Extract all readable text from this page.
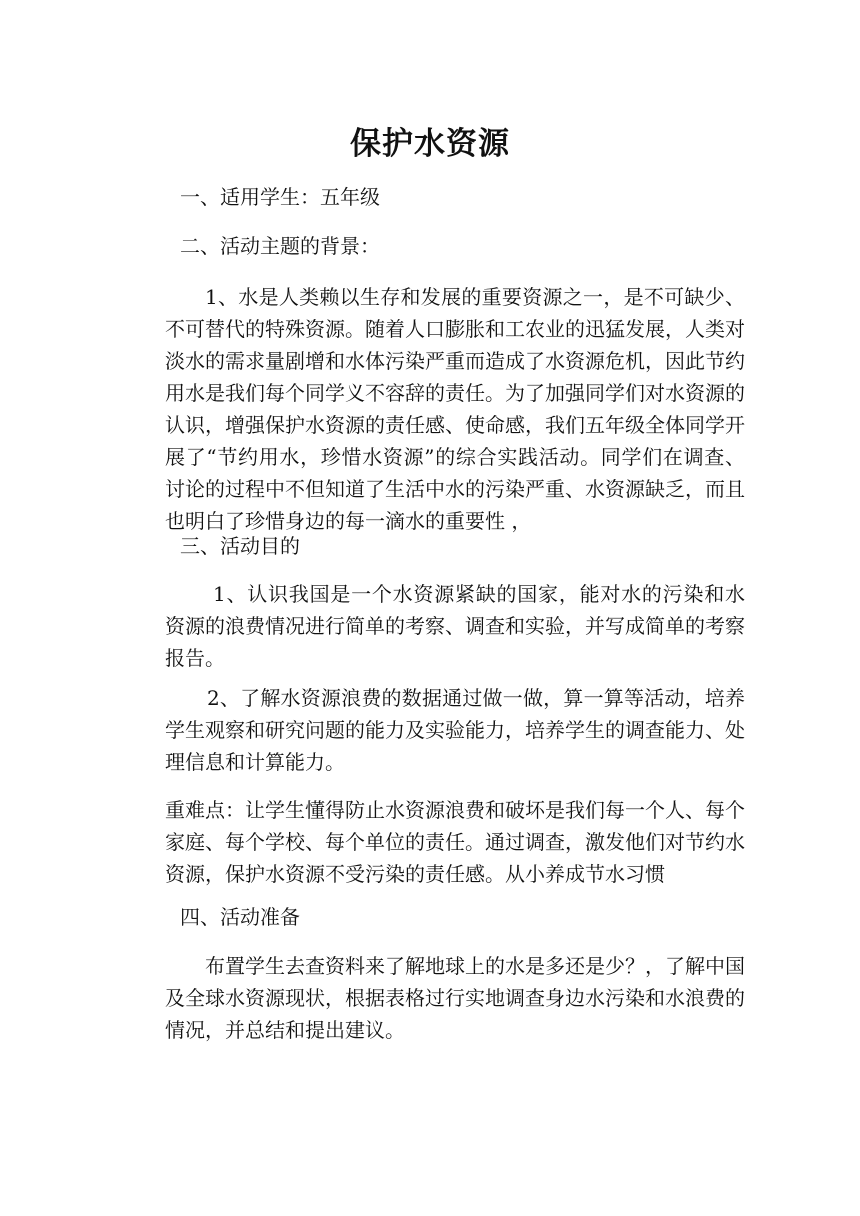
保护水资源
一、适用学生：五年级
二、活动主题的背景：
1、水是人类赖以生存和发展的重要资源之一，是不可缺少、不可替代的特殊资源。随着人口膨胀和工农业的迅猛发展，人类对淡水的需求量剧增和水体污染严重而造成了水资源危机，因此节约用水是我们每个同学义不容辞的责任。为了加强同学们对水资源的认识，增强保护水资源的责任感、使命感，我们五年级全体同学开展了“节约用水，珍惜水资源”的综合实践活动。同学们在调查、讨论的过程中不但知道了生活中水的污染严重、水资源缺乏，而且也明白了珍惜身边的每一滴水的重要性 ，
三、活动目的
1、认识我国是一个水资源紧缺的国家，能对水的污染和水资源的浪费情况进行简单的考察、调查和实验，并写成简单的考察报告。
2、了解水资源浪费的数据通过做一做，算一算等活动，培养学生观察和研究问题的能力及实验能力，培养学生的调查能力、处理信息和计算能力。
重难点：让学生懂得防止水资源浪费和破坏是我们每一个人、每个家庭、每个学校、每个单位的责任。通过调查，激发他们对节约水资源，保护水资源不受污染的责任感。从小养成节水习惯
四、活动准备
布置学生去查资料来了解地球上的水是多还是少？，了解中国及全球水资源现状，根据表格过行实地调查身边水污染和水浪费的情况，并总结和提出建议。
